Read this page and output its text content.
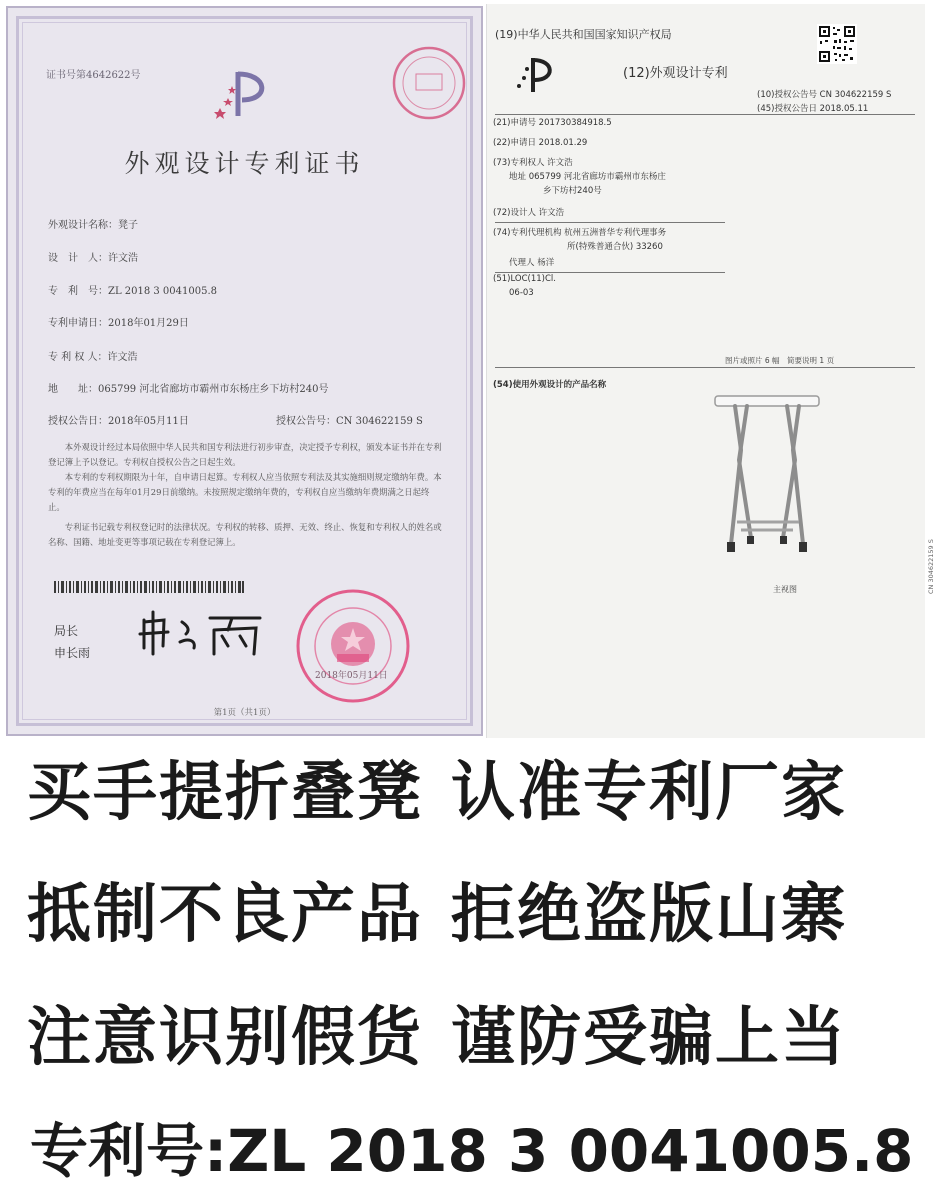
证书号第4642622号
外观设计专利证书
外观设计名称：凳子
设　计　人：许文浩
专　利　号：ZL 2018 3 0041005.8
专利申请日：2018年01月29日
专 利 权 人：许文浩
地　　址：065799 河北省廊坊市霸州市东杨庄乡下坊村240号
授权公告日：2018年05月11日	授权公告号：CN 304622159 S
本外观设计经过本局依照中华人民共和国专利法进行初步审查，决定授予专利权，颁发本证书并在专利登记簿上予以登记。专利权自授权公告之日起生效。
本专利的专利权期限为十年，自申请日起算。专利权人应当依照专利法及其实施细则规定缴纳年费。本专利的年费应当在每年01月29日前缴纳。未按照规定缴纳年费的，专利权自应当缴纳年费期满之日起终止。
专利证书记载专利权登记时的法律状况。专利权的转移、质押、无效、终止、恢复和专利权人的姓名或名称、国籍、地址变更等事项记载在专利登记簿上。
局长
申长雨
2018年05月11日
第1页（共1页）
(19)中华人民共和国国家知识产权局
(12)外观设计专利
(10)授权公告号 CN 304622159 S
(45)授权公告日 2018.05.11
(21)申请号 201730384918.5
(22)申请日 2018.01.29
(73)专利权人 许文浩
地址 065799 河北省廊坊市霸州市东杨庄
乡下坊村240号
(72)设计人 许文浩
(74)专利代理机构 杭州五洲普华专利代理事务
所(特殊普通合伙) 33260
代理人 杨洋
(51)LOC(11)Cl.
06-03
图片或照片 6 幅　简要说明 1 页
(54)使用外观设计的产品名称
主视图	CN 304622159 S
买手提折叠凳 认准专利厂家
抵制不良产品 拒绝盗版山寨
注意识别假货 谨防受骗上当
专利号:ZL 2018 3 0041005.8
